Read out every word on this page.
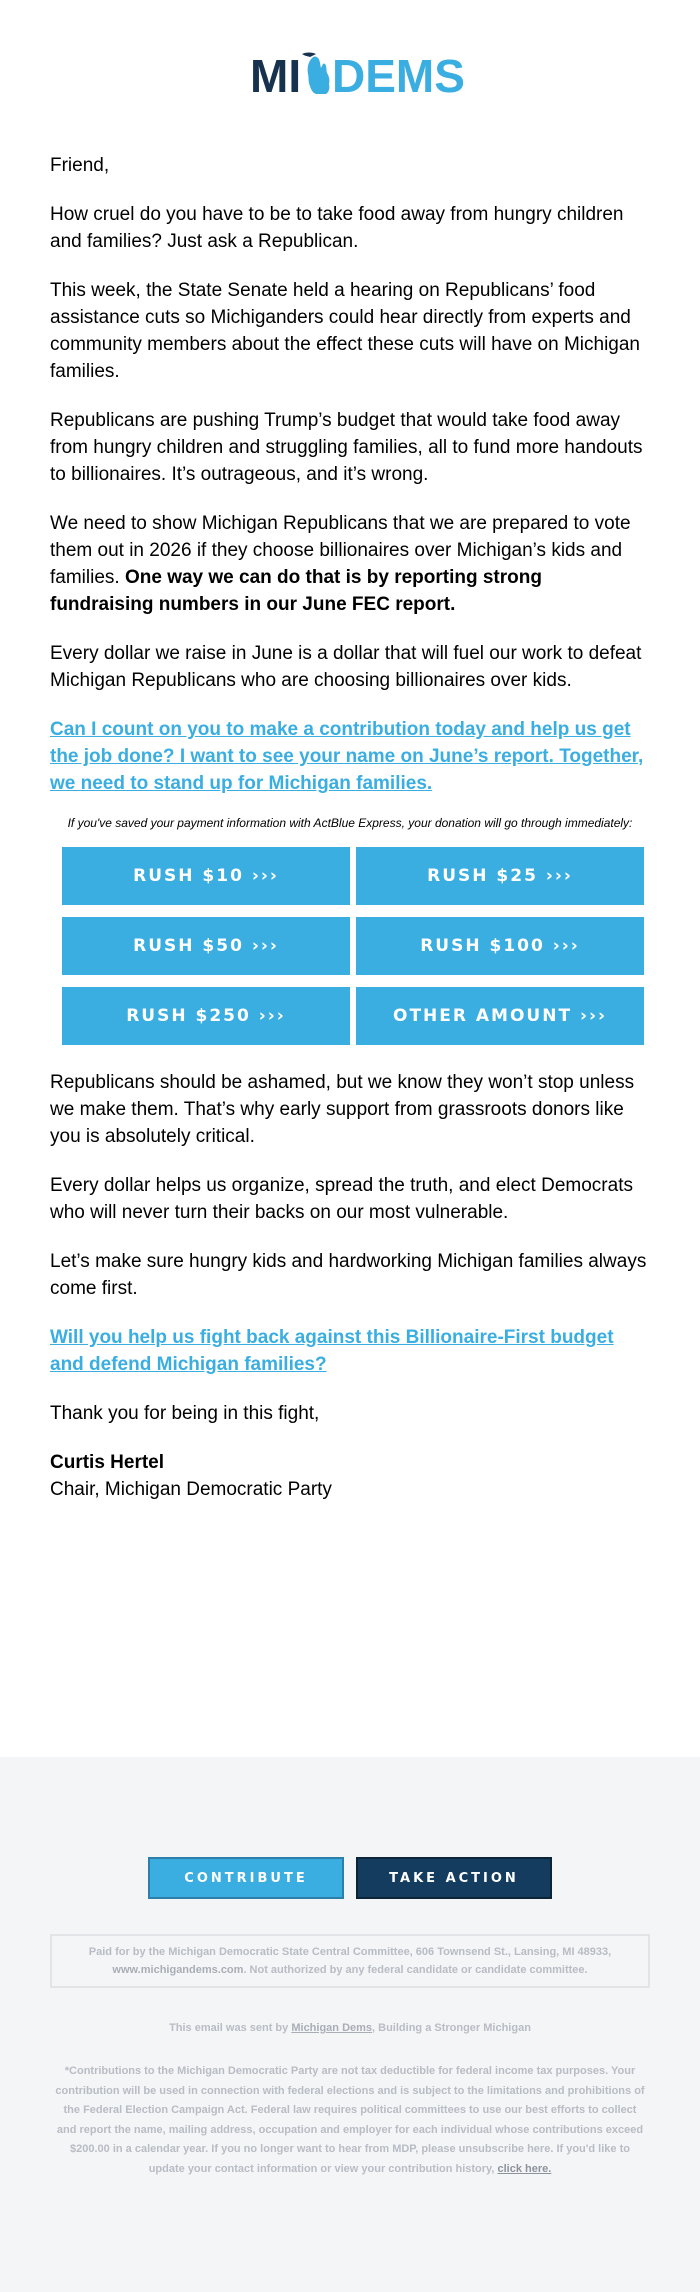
MI DEMS

Friend,

How cruel do you have to be to take food away from hungry children and families? Just ask a Republican.

This week, the State Senate held a hearing on Republicans’ food assistance cuts so Michiganders could hear directly from experts and community members about the effect these cuts will have on Michigan families.

Republicans are pushing Trump’s budget that would take food away from hungry children and struggling families, all to fund more handouts to billionaires. It’s outrageous, and it’s wrong.

We need to show Michigan Republicans that we are prepared to vote them out in 2026 if they choose billionaires over Michigan’s kids and families. One way we can do that is by reporting strong fundraising numbers in our June FEC report.

Every dollar we raise in June is a dollar that will fuel our work to defeat Michigan Republicans who are choosing billionaires over kids.

Can I count on you to make a contribution today and help us get the job done? I want to see your name on June’s report. Together, we need to stand up for Michigan families.

If you've saved your payment information with ActBlue Express, your donation will go through immediately:

RUSH $10 ›››	RUSH $25 ›››
RUSH $50 ›››	RUSH $100 ›››
RUSH $250 ›››	OTHER AMOUNT ›››

Republicans should be ashamed, but we know they won’t stop unless we make them. That’s why early support from grassroots donors like you is absolutely critical.

Every dollar helps us organize, spread the truth, and elect Democrats who will never turn their backs on our most vulnerable.

Let’s make sure hungry kids and hardworking Michigan families always come first.

Will you help us fight back against this Billionaire-First budget and defend Michigan families?

Thank you for being in this fight,

Curtis Hertel
Chair, Michigan Democratic Party

CONTRIBUTE	TAKE ACTION
Paid for by the Michigan Democratic State Central Committee, 606 Townsend St., Lansing, MI 48933,
www.michigandems.com. Not authorized by any federal candidate or candidate committee.
This email was sent by Michigan Dems, Building a Stronger Michigan
*Contributions to the Michigan Democratic Party are not tax deductible for federal income tax purposes. Your contribution will be used in connection with federal elections and is subject to the limitations and prohibitions of the Federal Election Campaign Act. Federal law requires political committees to use our best efforts to collect and report the name, mailing address, occupation and employer for each individual whose contributions exceed $200.00 in a calendar year. If you no longer want to hear from MDP, please unsubscribe here. If you'd like to update your contact information or view your contribution history, click here.
